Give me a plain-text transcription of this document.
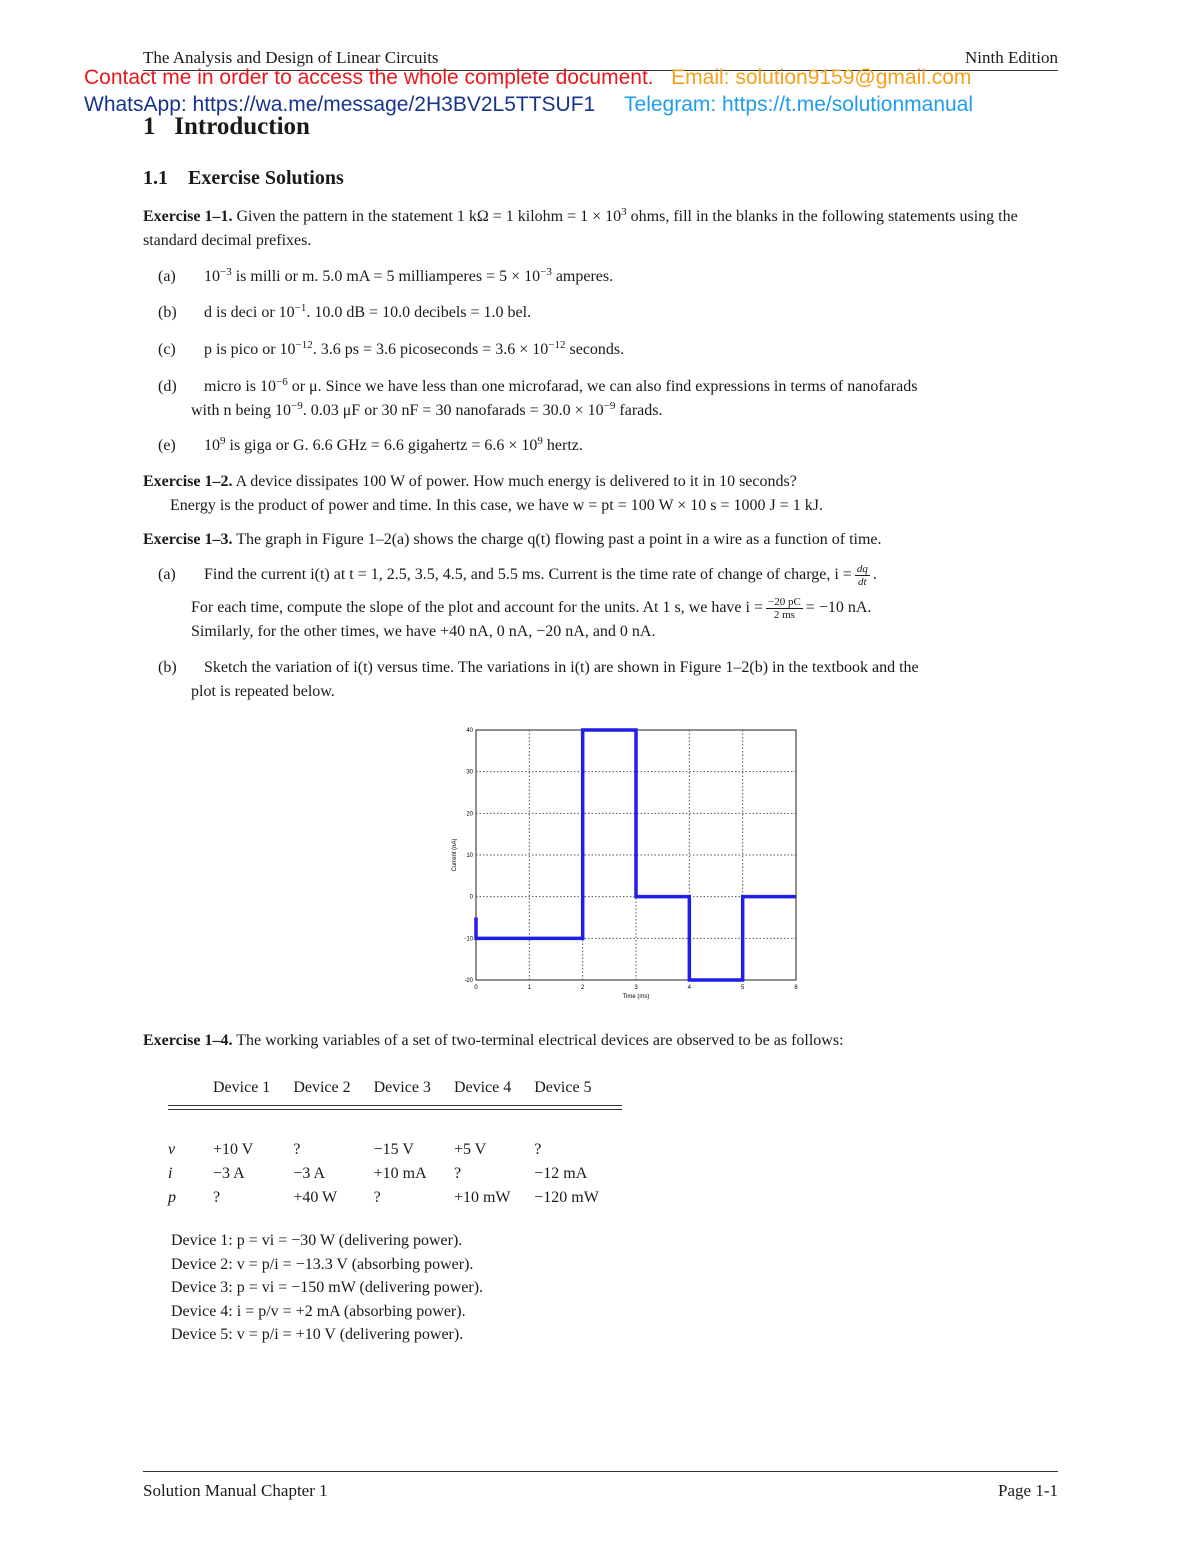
The Analysis and Design of Linear Circuits	Ninth Edition
Contact me in order to access the whole complete document. Email: solution9159@gmail.com
WhatsApp: https://wa.me/message/2H3BV2L5TTSUF1 Telegram: https://t.me/solutionmanual
1 Introduction
1.1 Exercise Solutions
Exercise 1–1. Given the pattern in the statement 1 kΩ = 1 kilohm = $1 \times 10^3$ ohms, fill in the blanks in the following statements using the standard decimal prefixes.
(a) $10^{-3}$ is milli or m. 5.0 mA = 5 milliamperes = $5 \times 10^{-3}$ amperes.
(b) d is deci or $10^{-1}$. 10.0 dB = 10.0 decibels = 1.0 bel.
(c) p is pico or $10^{-12}$. 3.6 ps = 3.6 picoseconds = $3.6 \times 10^{-12}$ seconds.
(d) micro is $10^{-6}$ or μ. Since we have less than one microfarad, we can also find expressions in terms of nanofarads
with n being $10^{-9}$. 0.03 μF or 30 nF = 30 nanofarads = $30.0 \times 10^{-9}$ farads.
(e) $10^9$ is giga or G. 6.6 GHz = 6.6 gigahertz = $6.6 \times 10^9$ hertz.
Exercise 1–2. A device dissipates 100 W of power. How much energy is delivered to it in 10 seconds?
Energy is the product of power and time. In this case, we have w = pt = 100 W × 10 s = 1000 J = 1 kJ.
Exercise 1–3. The graph in Figure 1–2(a) shows the charge q(t) flowing past a point in a wire as a function of time.
(a) Find the current i(t) at t = 1, 2.5, 3.5, 4.5, and 5.5 ms. Current is the time rate of change of charge, $i = \frac{dq}{dt}$ .
For each time, compute the slope of the plot and account for the units. At 1 s, we have $i = \frac{-20 pC}{2 ms} = -10$ nA.
Similarly, for the other times, we have +40 nA, 0 nA, −20 nA, and 0 nA.
(b) Sketch the variation of i(t) versus time. The variations in i(t) are shown in Figure 1–2(b) in the textbook and the
plot is repeated below.
0	1	2	3	4	5	6
-20
-10
0
10
20
30
40
Time (ms)
Current (nA)
Exercise 1–4. The working variables of a set of two-terminal electrical devices are observed to be as follows:
	Device 1	Device 2	Device 3	Device 4	Device 5

v	+10 V	?	−15 V	+5 V	?
i	−3 A	−3 A	+10 mA	?	−12 mA
p	?	+40 W	?	+10 mW	−120 mW
Device 1: p = vi = −30 W (delivering power).
Device 2: v = p/i = −13.3 V (absorbing power).
Device 3: p = vi = −150 mW (delivering power).
Device 4: i = p/v = +2 mA (absorbing power).
Device 5: v = p/i = +10 V (delivering power).
Solution Manual Chapter 1	Page 1-1
